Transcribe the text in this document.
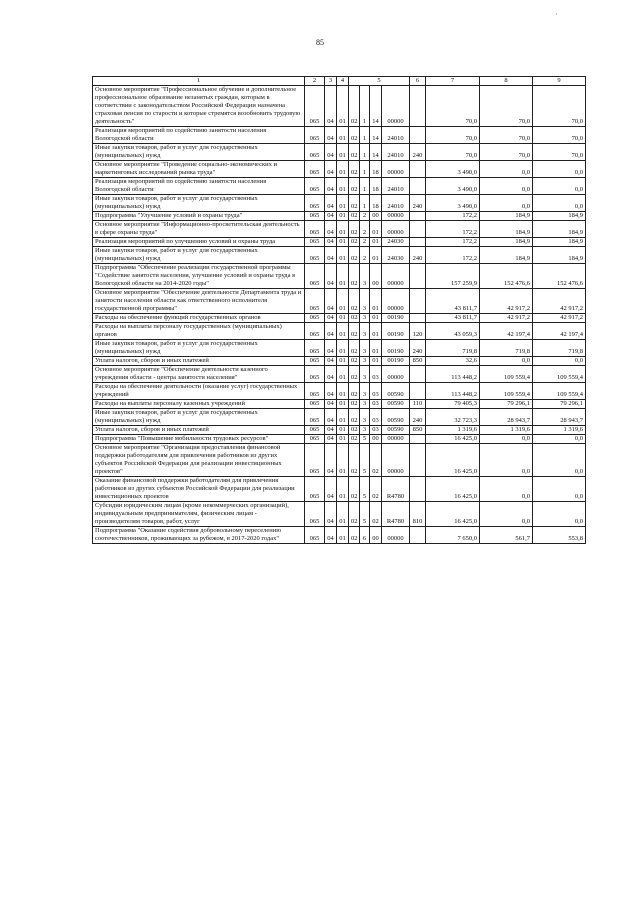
85
1	2	3	4	5				6	7	8	9
Основное мероприятие "Профессиональное обучение и дополнительное профессиональное образование незанятых граждан, которым в соответствии с законодательством Российской Федерации назначена страховая пенсия по старости и которые стремятся возобновить трудовую деятельность"	065	04	01	02	1	14	00000		70,0	70,0	70,0
Реализация мероприятий по содействию занятости населения Вологодской области	065	04	01	02	1	14	24010		70,0	70,0	70,0
Иные закупки товаров, работ и услуг для государственных (муниципальных) нужд	065	04	01	02	1	14	24010	240	70,0	70,0	70,0
Основное мероприятие "Проведение социально-экономических и маркетинговых исследований рынка труда"	065	04	01	02	1	18	00000		3 490,0	0,0	0,0
Реализация мероприятий по содействию занятости населения Вологодской области	065	04	01	02	1	18	24010		3 490,0	0,0	0,0
Иные закупки товаров, работ и услуг для государственных (муниципальных) нужд	065	04	01	02	1	18	24010	240	3 490,0	0,0	0,0
Подпрограмма "Улучшение условий и охраны труда"	065	04	01	02	2	00	00000		172,2	184,9	184,9
Основное мероприятие "Информационно-просветительская деятельность в сфере охраны труда"	065	04	01	02	2	01	00000		172,2	184,9	184,9
Реализация мероприятий по улучшению условий и охраны труда	065	04	01	02	2	01	24030		172,2	184,9	184,9
Иные закупки товаров, работ и услуг для государственных (муниципальных) нужд	065	04	01	02	2	01	24030	240	172,2	184,9	184,9
Подпрограмма "Обеспечение реализации государственной программы "Содействие занятости населения, улучшение условий и охраны труда в Вологодской области на 2014-2020 годы"	065	04	01	02	3	00	00000		157 259,9	152 476,6	152 476,6
Основное мероприятие "Обеспечение деятельности Департамента труда и занятости населения области как ответственного исполнителя государственной программы"	065	04	01	02	3	01	00000		43 811,7	42 917,2	42 917,2
Расходы на обеспечение функций государственных органов	065	04	01	02	3	01	00190		43 811,7	42 917,2	42 917,2
Расходы на выплаты персоналу государственных (муниципальных) органов	065	04	01	02	3	01	00190	120	43 059,3	42 197,4	42 197,4
Иные закупки товаров, работ и услуг для государственных (муниципальных) нужд	065	04	01	02	3	01	00190	240	719,8	719,8	719,8
Уплата налогов, сборов и иных платежей	065	04	01	02	3	01	00190	850	32,6	0,0	0,0
Основное мероприятие "Обеспечение деятельности казенного учреждения области - центра занятости населения"	065	04	01	02	3	03	00000		113 448,2	109 559,4	109 559,4
Расходы на обеспечение деятельности (оказание услуг) государственных учреждений	065	04	01	02	3	03	00590		113 448,2	109 559,4	109 559,4
Расходы на выплаты персоналу казенных учреждений	065	04	01	02	3	03	00590	110	79 405,3	79 296,1	79 296,1
Иные закупки товаров, работ и услуг для государственных (муниципальных) нужд	065	04	01	02	3	03	00590	240	32 723,3	28 943,7	28 943,7
Уплата налогов, сборов и иных платежей	065	04	01	02	3	03	00590	850	1 319,6	1 319,6	1 319,6
Подпрограмма "Повышение мобильности трудовых ресурсов"	065	04	01	02	5	00	00000		16 425,0	0,0	0,0
Основное мероприятие "Организация предоставления финансовой поддержки работодателям для привлечения работников из других субъектов Российской Федерации для реализации инвестиционных проектов"	065	04	01	02	5	02	00000		16 425,0	0,0	0,0
Оказание финансовой поддержки работодателям для привлечения работников из других субъектов Российской Федерации для реализации инвестиционных проектов	065	04	01	02	5	02	R4780		16 425,0	0,0	0,0
Субсидии юридическим лицам (кроме некоммерческих организаций), индивидуальным предпринимателям, физическим лицам - производителям товаров, работ, услуг	065	04	01	02	5	02	R4780	810	16 425,0	0,0	0,0
Подпрограмма "Оказание содействия добровольному переселению соотечественников, проживающих за рубежом, в 2017-2020 годах"	065	04	01	02	6	00	00000		7 650,0	561,7	553,8
·
